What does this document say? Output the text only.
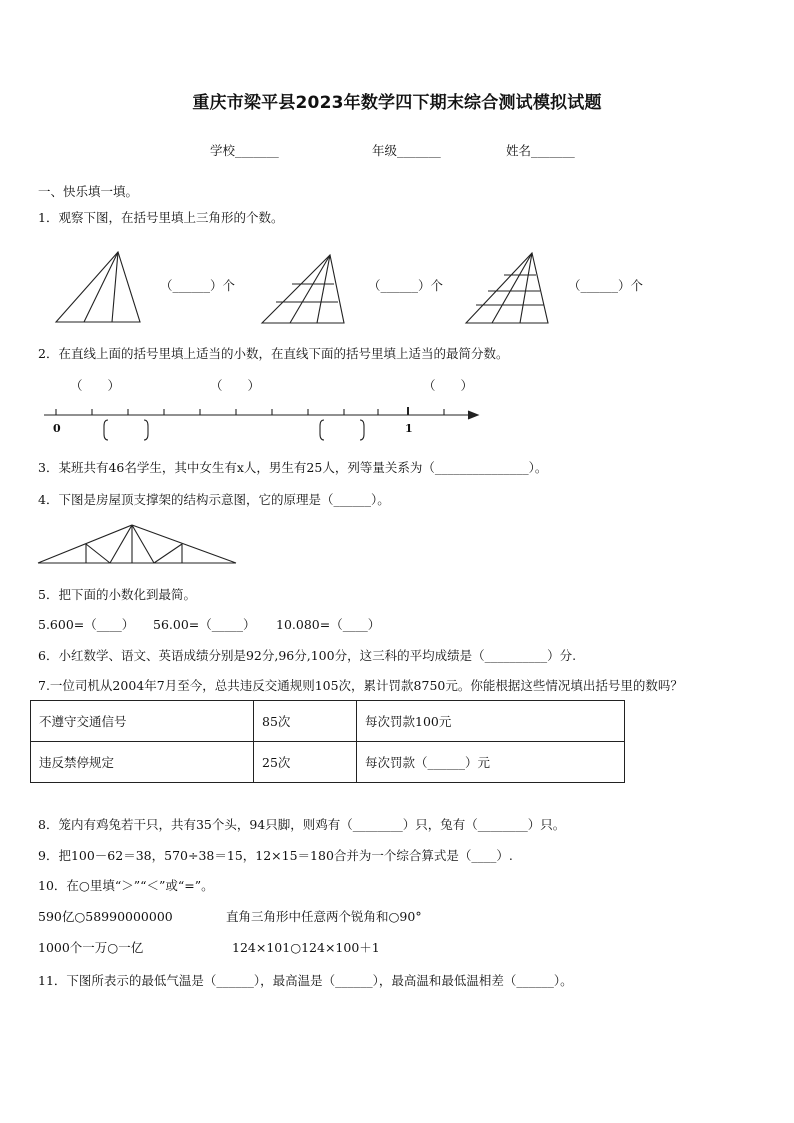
重庆市梁平县2023年数学四下期末综合测试模拟试题
学校_______	年级_______	姓名_______
一、快乐填一填。
1．观察下图，在括号里填上三角形的个数。
（______）个	（______）个	（______）个
2．在直线上面的括号里填上适当的小数，在直线下面的括号里填上适当的最简分数。
（　　）	（　　）	（　　）
0	1
3．某班共有46名学生，其中女生有x人，男生有25人，列等量关系为（_______________）。
4．下图是房屋顶支撑架的结构示意图，它的原理是（______）。
5．把下面的小数化到最简。
5.600=（____） 56.00=（_____） 10.080=（____）
6．小红数学、语文、英语成绩分别是92分,96分,100分，这三科的平均成绩是（__________）分.
7.一位司机从2004年7月至今，总共违反交通规则105次，累计罚款8750元。你能根据这些情况填出括号里的数吗？
不遵守交通信号	85次	每次罚款100元
违反禁停规定	25次	每次罚款（______）元
8．笼内有鸡兔若干只，共有35个头，94只脚，则鸡有（________）只，兔有（________）只。
9．把100－62＝38，570÷38＝15，12×15＝180合并为一个综合算式是（____）.
10．在○里填“＞”“＜”或“=”。
590亿○58990000000	直角三角形中任意两个锐角和○90°
1000个一万○一亿	124×101○124×100＋1
11．下图所表示的最低气温是（______），最高温是（______），最高温和最低温相差（______）。
